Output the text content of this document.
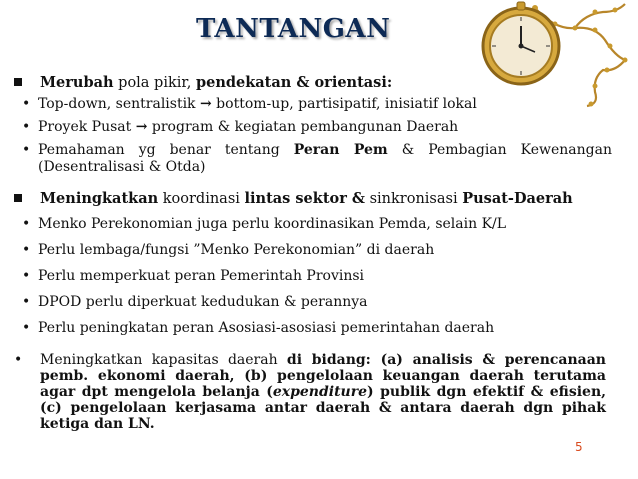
TANTANGAN
Merubah pola pikir, pendekatan & orientasi:
• Top-down, sentralistik → bottom-up, partisipatif, inisiatif lokal
• Proyek Pusat → program & kegiatan pembangunan Daerah
• Pemahaman yg benar tentang Peran Pem & Pembagian Kewenangan (Desentralisasi & Otda)
Meningkatkan koordinasi lintas sektor & sinkronisasi Pusat-Daerah
• Menko Perekonomian juga perlu koordinasikan Pemda, selain K/L
• Perlu lembaga/fungsi ”Menko Perekonomian” di daerah
• Perlu memperkuat peran Pemerintah Provinsi
• DPOD perlu diperkuat kedudukan & perannya
• Perlu peningkatan peran Asosiasi-asosiasi pemerintahan daerah
• Meningkatkan kapasitas daerah di bidang: (a) analisis & perencanaan pemb. ekonomi daerah, (b) pengelolaan keuangan daerah terutama agar dpt mengelola belanja (expenditure) publik dgn efektif & efisien, (c) pengelolaan kerjasama antar daerah & antara daerah dgn pihak ketiga dan LN.
5
